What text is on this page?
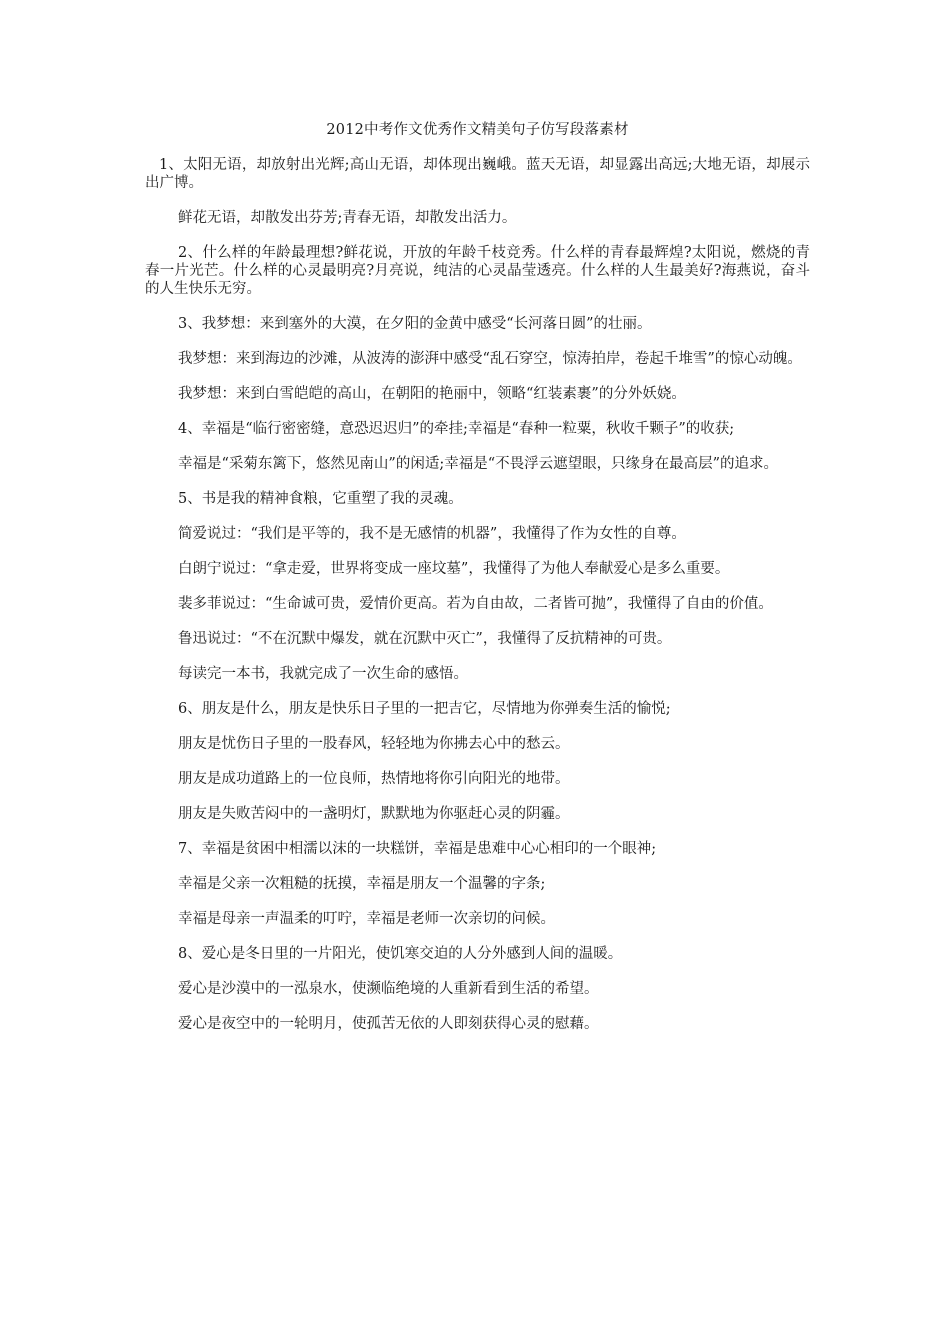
2012中考作文优秀作文精美句子仿写段落素材

1、太阳无语，却放射出光辉;高山无语，却体现出巍峨。蓝天无语，却显露出高远;大地无语，却展示出广博。

鲜花无语，却散发出芬芳;青春无语，却散发出活力。

2、什么样的年龄最理想?鲜花说，开放的年龄千枝竞秀。什么样的青春最辉煌?太阳说，燃烧的青春一片光芒。什么样的心灵最明亮?月亮说，纯洁的心灵晶莹透亮。什么样的人生最美好?海燕说，奋斗的人生快乐无穷。

3、我梦想：来到塞外的大漠，在夕阳的金黄中感受“长河落日圆”的壮丽。

我梦想：来到海边的沙滩，从波涛的澎湃中感受“乱石穿空，惊涛拍岸，卷起千堆雪”的惊心动魄。

我梦想：来到白雪皑皑的高山，在朝阳的艳丽中，领略“红装素裹”的分外妖娆。

4、幸福是“临行密密缝，意恐迟迟归”的牵挂;幸福是“春种一粒粟，秋收千颗子”的收获;

幸福是“采菊东篱下，悠然见南山”的闲适;幸福是“不畏浮云遮望眼，只缘身在最高层”的追求。

5、书是我的精神食粮，它重塑了我的灵魂。

简爱说过：“我们是平等的，我不是无感情的机器”，我懂得了作为女性的自尊。

白朗宁说过：“拿走爱，世界将变成一座坟墓”，我懂得了为他人奉献爱心是多么重要。

裴多菲说过：“生命诚可贵，爱情价更高。若为自由故，二者皆可抛”，我懂得了自由的价值。

鲁迅说过：“不在沉默中爆发，就在沉默中灭亡”，我懂得了反抗精神的可贵。

每读完一本书，我就完成了一次生命的感悟。

6、朋友是什么，朋友是快乐日子里的一把吉它，尽情地为你弹奏生活的愉悦;

朋友是忧伤日子里的一股春风，轻轻地为你拂去心中的愁云。

朋友是成功道路上的一位良师，热情地将你引向阳光的地带。

朋友是失败苦闷中的一盏明灯，默默地为你驱赶心灵的阴霾。

7、幸福是贫困中相濡以沫的一块糕饼，幸福是患难中心心相印的一个眼神;

幸福是父亲一次粗糙的抚摸，幸福是朋友一个温馨的字条;

幸福是母亲一声温柔的叮咛，幸福是老师一次亲切的问候。

8、爱心是冬日里的一片阳光，使饥寒交迫的人分外感到人间的温暖。

爱心是沙漠中的一泓泉水，使濒临绝境的人重新看到生活的希望。

爱心是夜空中的一轮明月，使孤苦无依的人即刻获得心灵的慰藉。
